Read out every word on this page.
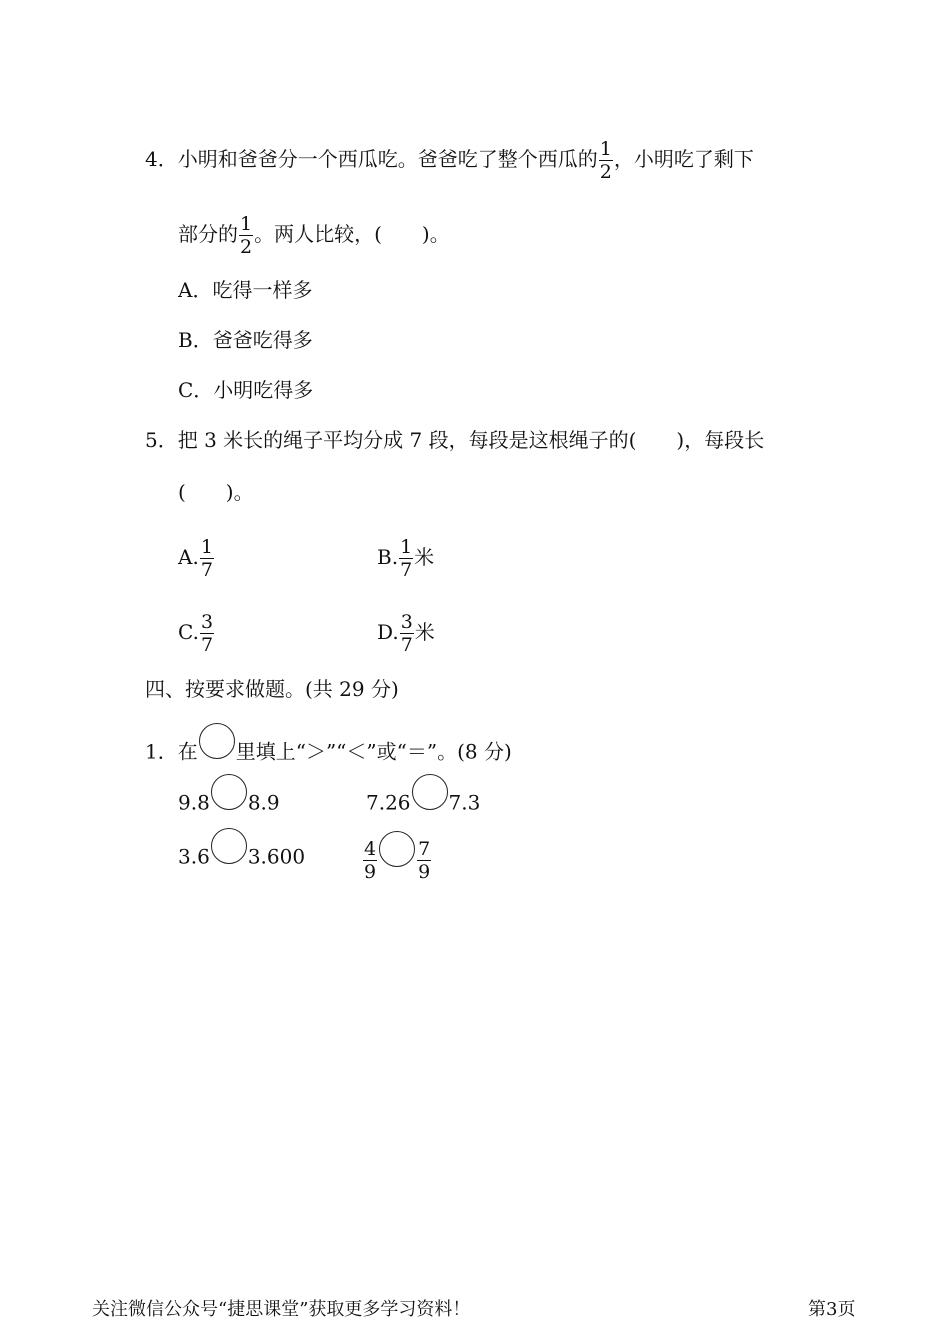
4．小明和爸爸分一个西瓜吃。爸爸吃了整个西瓜的 $\frac{1}{2}$ ，小明吃了剩下
部分的 $\frac{1}{2}$ 。两人比较，(　　)。
A．吃得一样多
B．爸爸吃得多
C．小明吃得多
5．把 3 米长的绳子平均分成 7 段，每段是这根绳子的(　　)，每段长
(　　)。
A. $\frac{1}{7}$	B. $\frac{1}{7}$ 米
C. $\frac{3}{7}$	D. $\frac{3}{7}$ 米
四、按要求做题。(共 29 分)
1．在 里填上“＞”“＜”或“＝”。(8 分)
9.8 8.9	7.26 7.3
3.6 3.600	$\frac{4}{9} \frac{7}{9}$
关注微信公众号“捷思课堂”获取更多学习资料！	第3页
